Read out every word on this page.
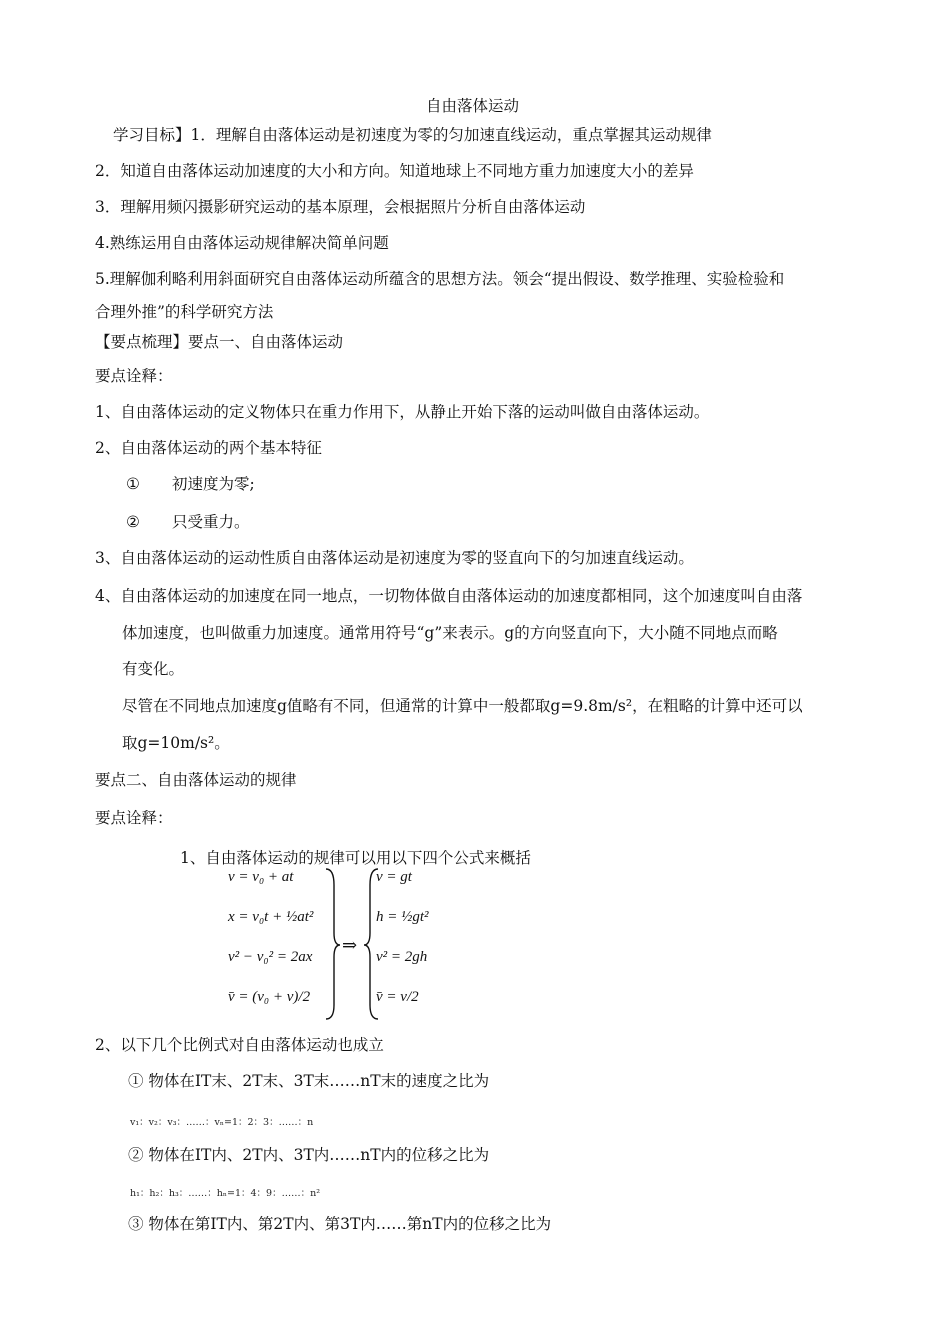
自由落体运动
学习目标】1．理解自由落体运动是初速度为零的匀加速直线运动，重点掌握其运动规律
2．知道自由落体运动加速度的大小和方向。知道地球上不同地方重力加速度大小的差异
3．理解用频闪摄影研究运动的基本原理，会根据照片分析自由落体运动
4.熟练运用自由落体运动规律解决简单问题
5.理解伽利略利用斜面研究自由落体运动所蕴含的思想方法。领会“提出假设、数学推理、实验检验和
合理外推”的科学研究方法
【要点梳理】要点一、自由落体运动
要点诠释：
1、自由落体运动的定义物体只在重力作用下，从静止开始下落的运动叫做自由落体运动。
2、自由落体运动的两个基本特征
① 初速度为零;
② 只受重力。
3、自由落体运动的运动性质自由落体运动是初速度为零的竖直向下的匀加速直线运动。
4、自由落体运动的加速度在同一地点，一切物体做自由落体运动的加速度都相同，这个加速度叫自由落
体加速度，也叫做重力加速度。通常用符号“g”来表示。g的方向竖直向下，大小随不同地点而略
有变化。
尽管在不同地点加速度g值略有不同，但通常的计算中一般都取g=9.8m/s²，在粗略的计算中还可以
取g=10m/s²。
要点二、自由落体运动的规律
要点诠释：
1、自由落体运动的规律可以用以下四个公式来概括
v = v₀ + at
x = v₀t + ½at²
v² − v₀² = 2ax
v̄ = (v₀ + v)/2
v = gt
h = ½gt²
v² = 2gh
v̄ = v/2
⇒
2、以下几个比例式对自由落体运动也成立
① 物体在IT末、2T末、3T末……nT末的速度之比为
v₁：v₂：v₃：……：vₙ=1：2：3：……：n
② 物体在IT内、2T内、3T内……nT内的位移之比为
h₁：h₂：h₃：……：hₙ=1：4：9：……：n²
③ 物体在第IT内、第2T内、第3T内……第nT内的位移之比为
